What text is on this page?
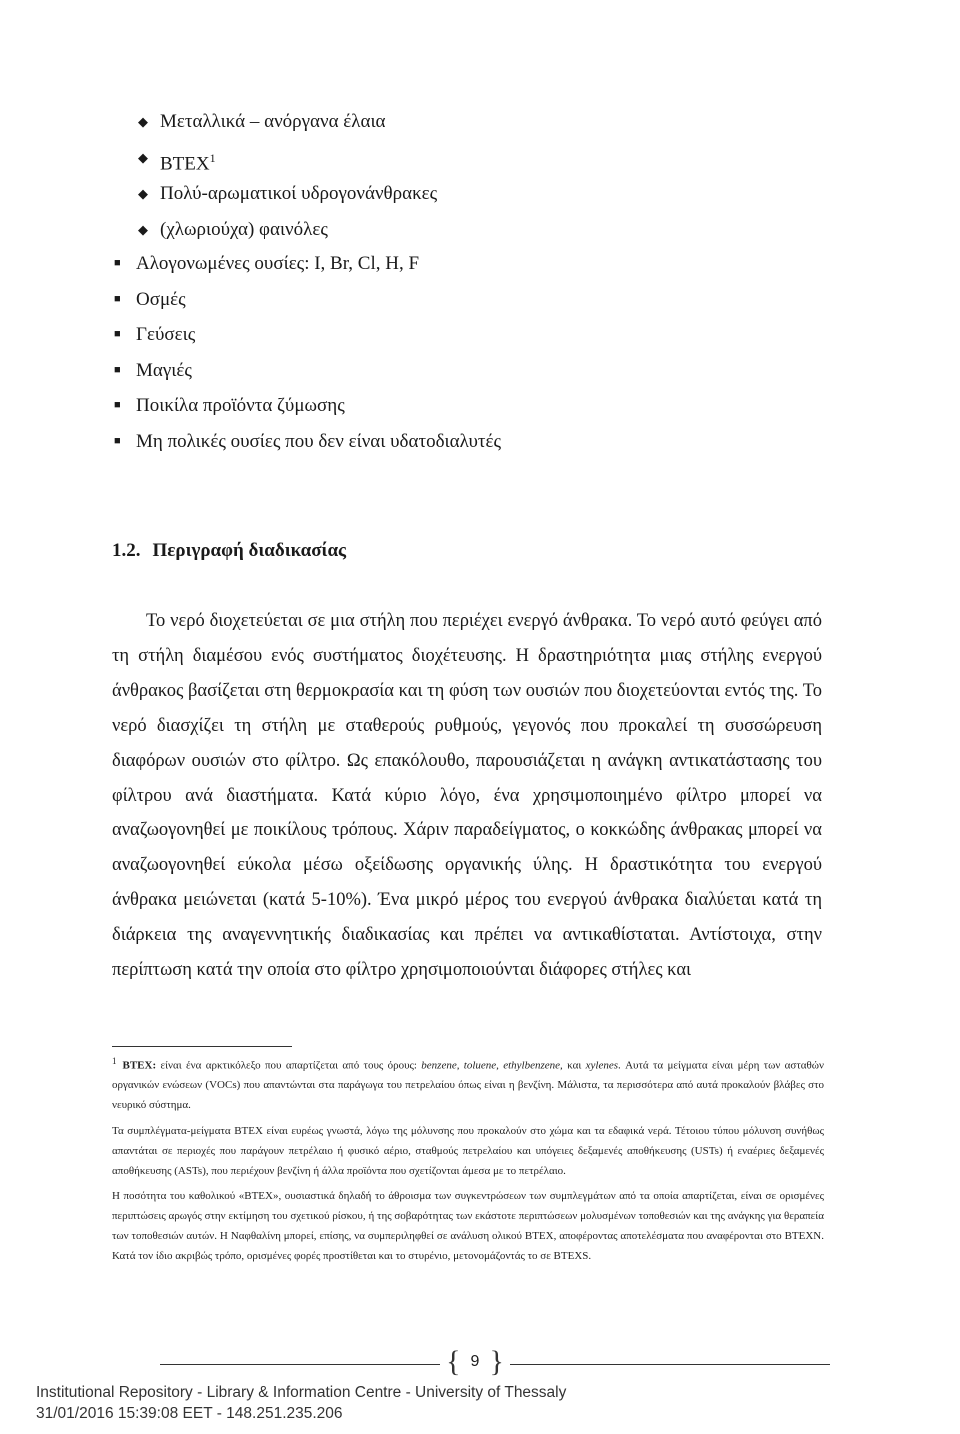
◆ Μεταλλικά – ανόργανα έλαια
◆ BTEX$^1$
◆ Πολύ-αρωματικοί υδρογονάνθρακες
◆ (χλωριούχα) φαινόλες
■ Αλογονωμένες ουσίες: I, Br, Cl, H, F
■ Οσμές
■ Γεύσεις
■ Μαγιές
■ Ποικίλα προϊόντα ζύμωσης
■ Μη πολικές ουσίες που δεν είναι υδατοδιαλυτές
1.2. Περιγραφή διαδικασίας

Το νερό διοχετεύεται σε μια στήλη που περιέχει ενεργό άνθρακα. Το νερό αυτό φεύγει από τη στήλη διαμέσου ενός συστήματος διοχέτευσης. Η δραστηριότητα μιας στήλης ενεργού άνθρακος βασίζεται στη θερμοκρασία και τη φύση των ουσιών που διοχετεύονται εντός της. Το νερό διασχίζει τη στήλη με σταθερούς ρυθμούς, γεγονός που προκαλεί τη συσσώρευση διαφόρων ουσιών στο φίλτρο. Ως επακόλουθο, παρουσιάζεται η ανάγκη αντικατάστασης του φίλτρου ανά διαστήματα. Κατά κύριο λόγο, ένα χρησιμοποιημένο φίλτρο μπορεί να αναζωογονηθεί με ποικίλους τρόπους. Χάριν παραδείγματος, ο κοκκώδης άνθρακας μπορεί να αναζωογονηθεί εύκολα μέσω οξείδωσης οργανικής ύλης. Η δραστικότητα του ενεργού άνθρακα μειώνεται (κατά 5-10%). Ένα μικρό μέρος του ενεργού άνθρακα διαλύεται κατά τη διάρκεια της αναγεννητικής διαδικασίας και πρέπει να αντικαθίσταται. Αντίστοιχα, στην περίπτωση κατά την οποία στο φίλτρο χρησιμοποιούνται διάφορες στήλες και

$^1$ BTEX: είναι ένα αρκτικόλεξο που απαρτίζεται από τους όρους: benzene, toluene, ethylbenzene, και xylenes. Αυτά τα μείγματα είναι μέρη των ασταθών οργανικών ενώσεων (VOCs) που απαντώνται στα παράγωγα του πετρελαίου όπως είναι η βενζίνη. Μάλιστα, τα περισσότερα από αυτά προκαλούν βλάβες στο νευρικό σύστημα.

Τα συμπλέγματα-μείγματα BTEX είναι ευρέως γνωστά, λόγω της μόλυνσης που προκαλούν στο χώμα και τα εδαφικά νερά. Τέτοιου τύπου μόλυνση συνήθως απαντάται σε περιοχές που παράγουν πετρέλαιο ή φυσικό αέριο, σταθμούς πετρελαίου και υπόγειες δεξαμενές αποθήκευσης (USTs) ή εναέριες δεξαμενές αποθήκευσης (ASTs), που περιέχουν βενζίνη ή άλλα προϊόντα που σχετίζονται άμεσα με το πετρέλαιο.

Η ποσότητα του καθολικού «BTEX», ουσιαστικά δηλαδή το άθροισμα των συγκεντρώσεων των συμπλεγμάτων από τα οποία απαρτίζεται, είναι σε ορισμένες περιπτώσεις αρωγός στην εκτίμηση του σχετικού ρίσκου, ή της σοβαρότητας των εκάστοτε περιπτώσεων μολυσμένων τοποθεσιών και της ανάγκης για θεραπεία των τοποθεσιών αυτών. Η Ναφθαλίνη μπορεί, επίσης, να συμπεριληφθεί σε ανάλυση ολικού BTEX, αποφέροντας αποτελέσματα που αναφέρονται στο BTEXN. Κατά τον ίδιο ακριβώς τρόπο, ορισμένες φορές προστίθεται και το στυρένιο, μετονομάζοντάς το σε BTEXS.

{ 9 }
Institutional Repository - Library & Information Centre - University of Thessaly
31/01/2016 15:39:08 EET - 148.251.235.206
